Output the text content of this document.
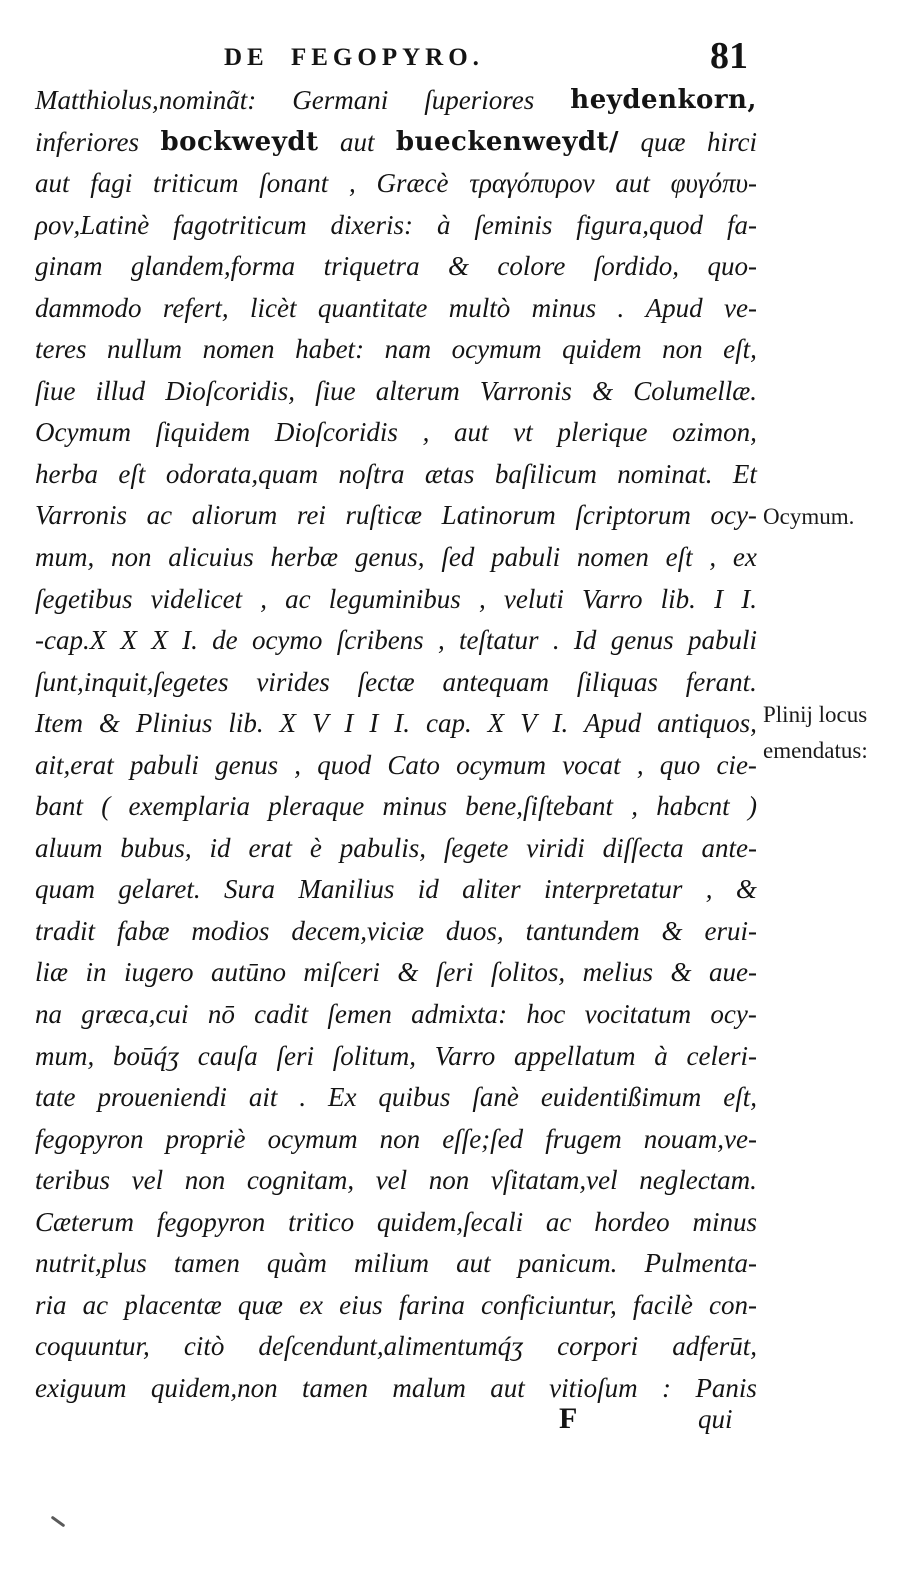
DE FEGOPYRO.	81
Matthiolus,nominãt: Germani ſuperiores heydenkorn,
inferiores bockweydt aut bueckenweydt/ quæ hirci
aut fagi triticum ſonant , Græcè τραγόπυρον aut φυγόπυ-
ρον,Latinè fagotriticum dixeris: à ſeminis figura,quod fa-
ginam glandem,forma triquetra & colore ſordido, quo-
dammodo refert, licèt quantitate multò minus . Apud ve-
teres nullum nomen habet: nam ocymum quidem non eſt,
ſiue illud Dioſcoridis, ſiue alterum Varronis & Columellæ.
Ocymum ſiquidem Dioſcoridis , aut vt plerique ozimon,
herba eſt odorata,quam noſtra ætas baſilicum nominat. Et
Varronis ac aliorum rei ruſticæ Latinorum ſcriptorum ocy-
mum, non alicuius herbæ genus, ſed pabuli nomen eſt , ex
ſegetibus videlicet , ac leguminibus , veluti Varro lib. I I.
-cap.X X X I. de ocymo ſcribens , teſtatur . Id genus pabuli
ſunt,inquit,ſegetes virides ſectæ antequam ſiliquas ferant.
Item & Plinius lib. X V I I I. cap. X V I. Apud antiquos,
ait,erat pabuli genus , quod Cato ocymum vocat , quo cie-
bant ( exemplaria pleraque minus bene,ſiſtebant , habcnt )
aluum bubus, id erat è pabulis, ſegete viridi diſſecta ante-
quam gelaret. Sura Manilius id aliter interpretatur , &
tradit fabæ modios decem,viciæ duos, tantundem & erui-
liæ in iugero autūno miſceri & ſeri ſolitos, melius & aue-
na græca,cui nō cadit ſemen admixta: hoc vocitatum ocy-
mum, boūq́ʒ cauſa ſeri ſolitum, Varro appellatum à celeri-
tate proueniendi ait . Ex quibus ſanè euidentißimum eſt,
fegopyron propriè ocymum non eſſe;ſed frugem nouam,ve-
teribus vel non cognitam, vel non vſitatam,vel neglectam.
Cæterum fegopyron tritico quidem,ſecali ac hordeo minus
nutrit,plus tamen quàm milium aut panicum. Pulmenta-
ria ac placentæ quæ ex eius farina conficiuntur, facilè con-
coquuntur, citò deſcendunt,alimentumq́ʒ corpori adferūt,
exiguum quidem,non tamen malum aut vitioſum : Panis
Ocymum.
Plinij locus
emendatus:
F	qui
